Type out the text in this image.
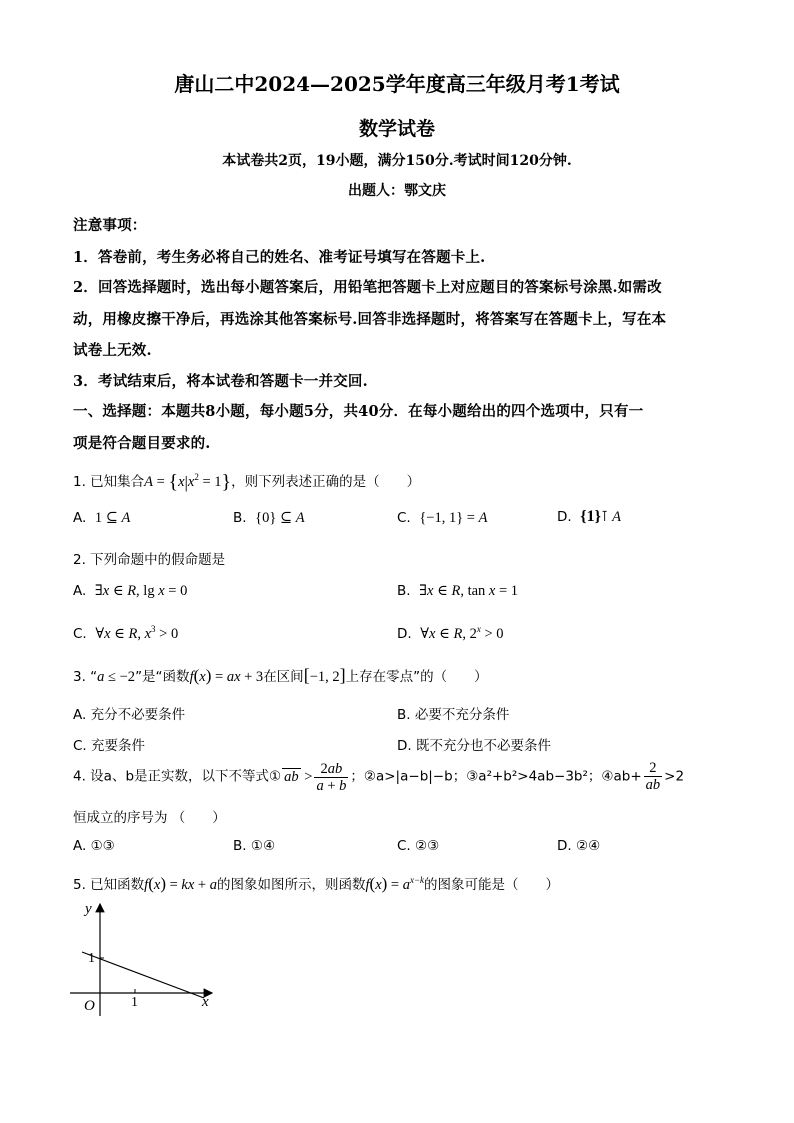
唐山二中2024—2025学年度高三年级月考1考试
数学试卷
本试卷共2页，19小题，满分150分.考试时间120分钟.
出题人：鄂文庆
注意事项：
1．答卷前，考生务必将自己的姓名、准考证号填写在答题卡上.
2．回答选择题时，选出每小题答案后，用铅笔把答题卡上对应题目的答案标号涂黑.如需改
动，用橡皮擦干净后，再选涂其他答案标号.回答非选择题时，将答案写在答题卡上，写在本
试卷上无效.
3．考试结束后，将本试卷和答题卡一并交回.
一、选择题：本题共8小题，每小题5分，共40分．在每小题给出的四个选项中，只有一
项是符合题目要求的.
1. 已知集合$A = \{x|x^2 = 1\}$，则下列表述正确的是（　　）
A. 1 ⊆ A	B. {0} ⊆ A	C. {−1, 1} = A	D. {1}⊺ A
2. 下列命题中的假命题是
A. ∃x ∈ R, lg x = 0	B. ∃x ∈ R, tan x = 1
C. ∀x ∈ R, $x^3 > 0$	D. ∀x ∈ R, $2^x > 0$
3. “a ≤ −2”是“函数f(x) = ax + 3在区间[−1, 2]上存在零点”的（　　）
A. 充分不必要条件	B. 必要不充分条件
C. 充要条件	D. 既不充分也不必要条件
4. 设a、b是正实数，以下不等式① ab > $\frac{2ab}{a + b}$ ；②a>|a−b|−b；③a²+b²>4ab−3b²；④ab+ $\frac{2}{ab} >2$
恒成立的序号为 （　　）
A. ①③	B. ①④	C. ②③	D. ②④
5. 已知函数f(x) = kx + a的图象如图所示，则函数$f(x) = a^{x-k}$的图象可能是（　　）
y
x
O
1
1
